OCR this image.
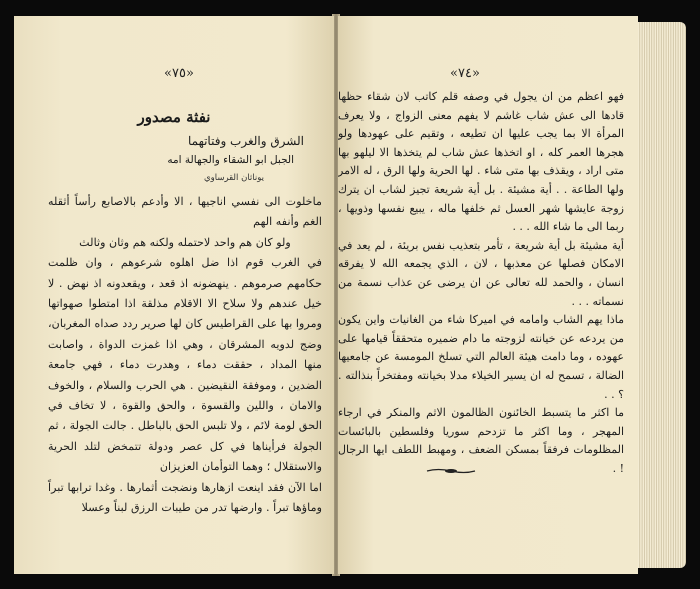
«٧٥»
نفثة مصدور
الشرق والغرب وفتاتهما
الجبل ابو الشقاء والجهالة امه
يوناثان القرساوي

ماخلوت الى نفسي اناجيها ، الا وأدعم بالاصابع رأساً أثقله الغم وأنفه الهم

ولو كان هم واحد لاحتمله ولكنه هم وثان وثالث

في الغرب قوم اذا ضل اهلوه شرعوهم ، وان ظلمت حكامهم صرموهم . ينهضونه اذ قعد ، ويقعدونه اذ نهض . لا خيل عندهم ولا سلاح الا الاقلام مذلقة اذا امتطوا صهواتها ومروا بها على القراطيس كان لها صرير ردد صداه المغربان، وضج لدويه المشرقان ، وهي اذا غمزت الدواة ، واصابت منها المداد ، حققت دماء ، وهدرت دماء ، فهي جامعة الضدين ، وموفقة النقيضين . هي الحرب والسلام ، والخوف والامان ، واللين والقسوة ، والحق والقوة ، لا تخاف في الحق لومة لائم ، ولا تلبس الحق بالباطل . جالت الجولة ، ثم الجولة فرأيناها في كل عصر ودولة تتمخض لتلد الحرية والاستقلال ؛ وهما التوأمان العزيزان

اما الآن فقد اينعت ازهارها ونضجت أثمارها . وغدا ترابها تبراً وماؤها تبراً . وارضها تدر من طيبات الرزق لبناً وعسلا

«٧٤»

فهو اعظم من ان يجول في وصفه قلم كاتب لان شقاء حظها قادها الى عش شاب غاشم لا يفهم معنى الزواج ، ولا يعرف المرأة الا بما يجب عليها ان تطيعه ، وتقيم على عهودها ولو هجرها العمر كله ، او اتخذها عش شاب لم يتخذها الا ليلهو بها متى اراد ، ويقذف بها متى شاء . لها الحرية ولها الرق ، له الامر ولها الطاعة . . أية مشيئة . بل أية شريعة تجيز لشاب ان يترك زوجة عايشها شهر العسل ثم خلفها ماله ، يبيع نفسها وذويها ، ربما الى ما شاء الله . . .

أية مشيئة بل أية شريعة ، تأمر بتعذيب نفس بريئة ، لم يعد في الامكان فصلها عن معذبها ، لان ، الذي يجمعه الله لا يفرقه انسان ، والحمد لله تعالى عن ان يرضى عن عذاب نسمة من نسماته . . .

ماذا يهم الشاب وامامه في اميركا شاء من الغانيات واين يكون من يردعه عن خيانته لزوجته ما دام ضميره متحققاً قيامها على عهوده ، وما دامت هيئة العالم التي تسلخ المومسة عن جامعيها الضالة ، تسمح له ان يسير الخيلاء مدلا بخيانته ومفتخراً بنذالته . ؟ . .

ما اكثر ما يتسبط الخائنون الظالمون الاثم والمنكر في ارجاء المهجر ، وما اكثر ما تزدحم سوريا وفلسطين بالبائسات المظلومات فرفقاً بمسكن الضعف ، ومهبط اللطف ايها الرجال ! .
